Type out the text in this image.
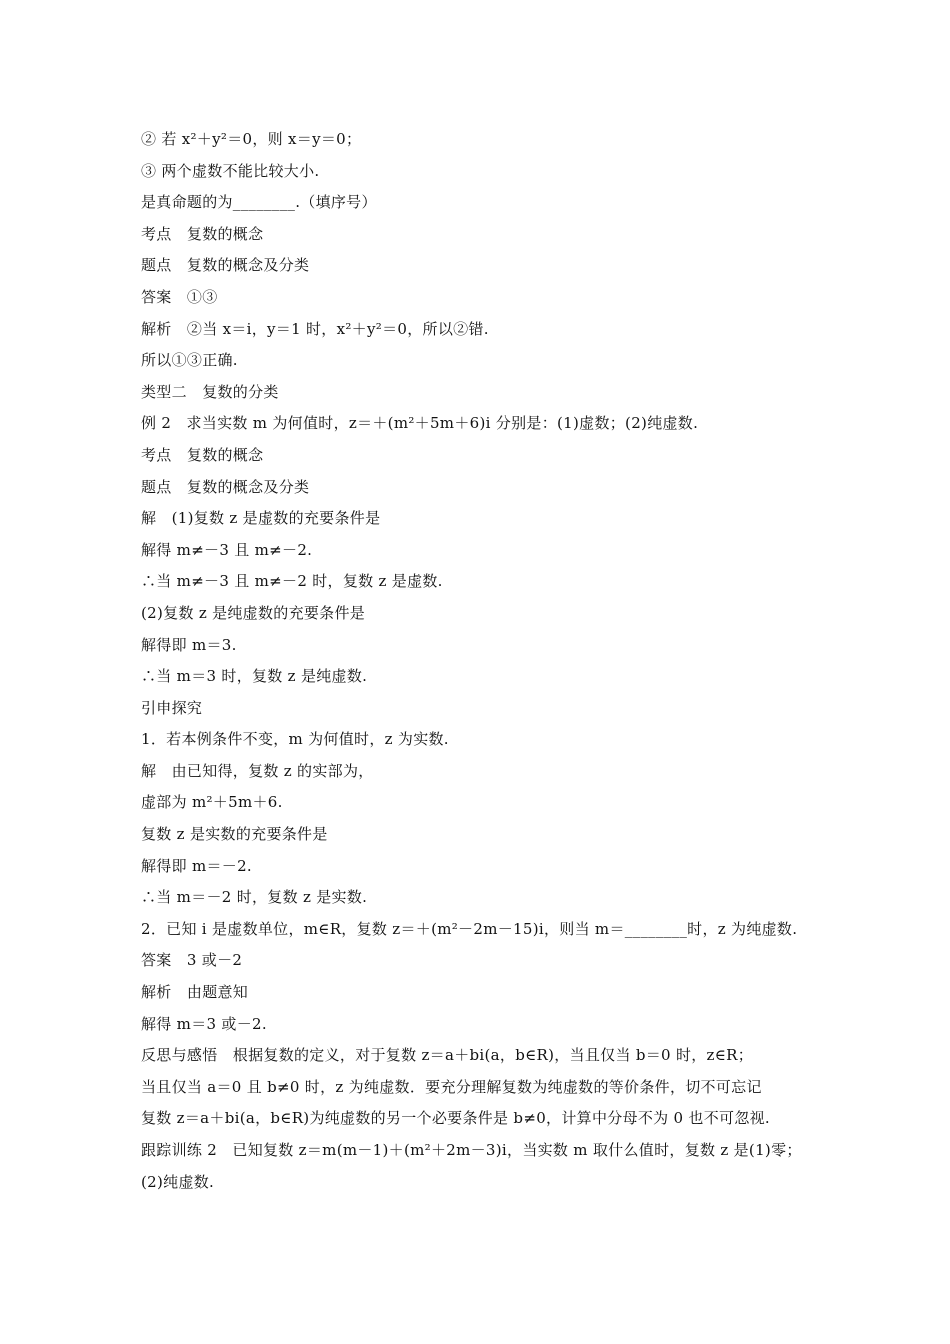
② 若 x²＋y²＝0，则 x＝y＝0；
③ 两个虚数不能比较大小.
是真命题的为________.（填序号）
考点　复数的概念
题点　复数的概念及分类
答案　①③
解析　②当 x＝i，y＝1 时，x²＋y²＝0，所以②错.
所以①③正确.
类型二　复数的分类
例 2　求当实数 m 为何值时，z＝＋(m²＋5m＋6)i 分别是：(1)虚数；(2)纯虚数.
考点　复数的概念
题点　复数的概念及分类
解　(1)复数 z 是虚数的充要条件是
解得 m≠－3 且 m≠－2.
∴当 m≠－3 且 m≠－2 时，复数 z 是虚数.
(2)复数 z 是纯虚数的充要条件是
解得即 m＝3.
∴当 m＝3 时，复数 z 是纯虚数.
引申探究
1．若本例条件不变，m 为何值时，z 为实数.
解　由已知得，复数 z 的实部为，
虚部为 m²＋5m＋6.
复数 z 是实数的充要条件是
解得即 m＝－2.
∴当 m＝－2 时，复数 z 是实数.
2．已知 i 是虚数单位，m∈R，复数 z＝＋(m²－2m－15)i，则当 m＝________时，z 为纯虚数.
答案　3 或－2
解析　由题意知
解得 m＝3 或－2.
反思与感悟　根据复数的定义，对于复数 z＝a＋bi(a，b∈R)，当且仅当 b＝0 时，z∈R；
当且仅当 a＝0 且 b≠0 时，z 为纯虚数．要充分理解复数为纯虚数的等价条件，切不可忘记
复数 z＝a＋bi(a，b∈R)为纯虚数的另一个必要条件是 b≠0，计算中分母不为 0 也不可忽视.
跟踪训练 2　已知复数 z＝m(m－1)＋(m²＋2m－3)i，当实数 m 取什么值时，复数 z 是(1)零；
(2)纯虚数.
